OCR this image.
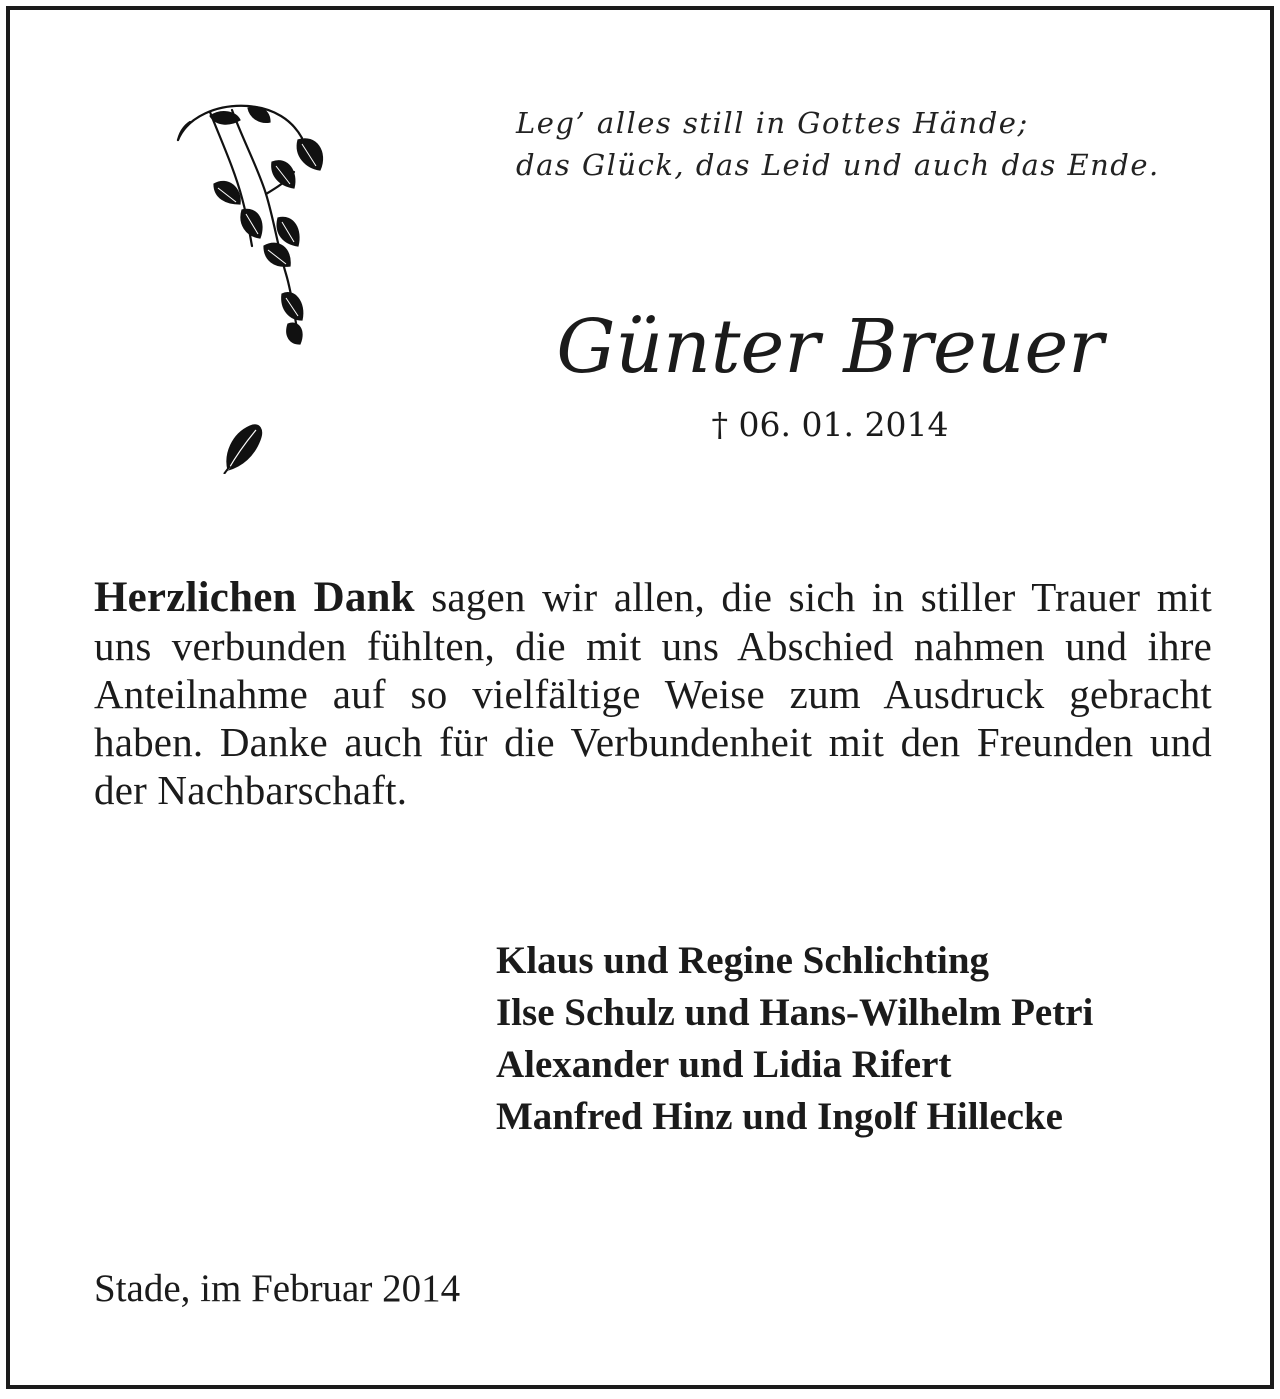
Leg’ alles still in Gottes Hände;
das Glück, das Leid und auch das Ende.
Günter Breuer
† 06. 01. 2014
Herzlichen Dank sagen wir allen, die sich in stiller Trauer mit uns verbunden fühlten, die mit uns Abschied nahmen und ihre Anteilnahme auf so vielfältige Weise zum Ausdruck gebracht haben. Danke auch für die Verbundenheit mit den Freunden und der Nachbarschaft.
Klaus und Regine Schlichting
Ilse Schulz und Hans-Wilhelm Petri
Alexander und Lidia Rifert
Manfred Hinz und Ingolf Hillecke
Stade, im Februar 2014
